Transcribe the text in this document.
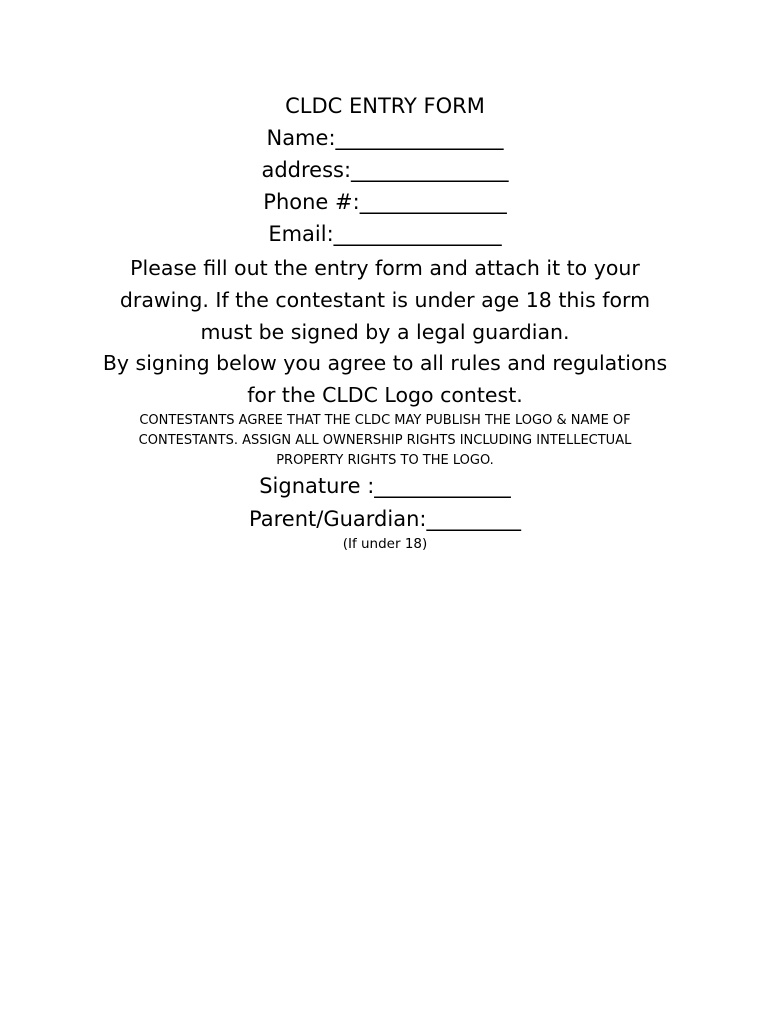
CLDC ENTRY FORM
Name:________________
address:_______________
Phone #:______________
Email:________________
Please fill out the entry form and attach it to your
drawing. If the contestant is under age 18 this form
must be signed by a legal guardian.
By signing below you agree to all rules and regulations
for the CLDC Logo contest.
CONTESTANTS AGREE THAT THE CLDC MAY PUBLISH THE LOGO & NAME OF
CONTESTANTS. ASSIGN ALL OWNERSHIP RIGHTS INCLUDING INTELLECTUAL
PROPERTY RIGHTS TO THE LOGO.
Signature :_____________
Parent/Guardian:_________
(If under 18)
